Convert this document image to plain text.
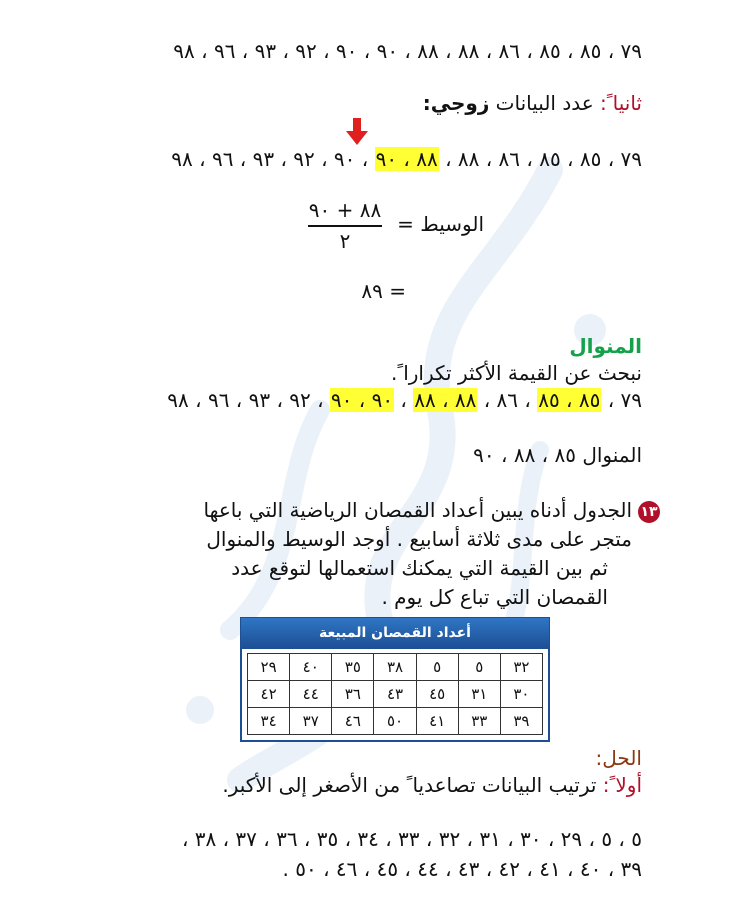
٧٩ ، ٨٥ ، ٨٥ ، ٨٦ ، ٨٨ ، ٨٨ ، ٩٠ ، ٩٠ ، ٩٢ ، ٩٣ ، ٩٦ ، ٩٨
ثانيا ً: عدد البيانات زوجي:
٧٩ ، ٨٥ ، ٨٥ ، ٨٦ ، ٨٨ ، ٨٨ ، ٩٠ ، ٩٠ ، ٩٢ ، ٩٣ ، ٩٦ ، ٩٨
الوسيط =
٨٨ + ٩٠
٢
= ٨٩
المنوال
نبحث عن القيمة الأكثر تكرارا ً.
٧٩ ، ٨٥ ، ٨٥ ، ٨٦ ، ٨٨ ، ٨٨ ، ٩٠ ، ٩٠ ، ٩٢ ، ٩٣ ، ٩٦ ، ٩٨
المنوال ٨٥ ، ٨٨ ، ٩٠
١٣الجدول أدناه يبين أعداد القمصان الرياضية التي باعها
متجر على مدى ثلاثة أسابيع . أوجد الوسيط والمنوال
ثم بين القيمة التي يمكنك استعمالها لتوقع عدد
القمصان التي تباع كل يوم .
أعداد القمصان المبيعة
٣٢	٥	٥	٣٨	٣٥	٤٠	٢٩
٣٠	٣١	٤٥	٤٣	٣٦	٤٤	٤٢
٣٩	٣٣	٤١	٥٠	٤٦	٣٧	٣٤
الحل:
أولا ً: ترتيب البيانات تصاعديا ً من الأصغر إلى الأكبر.
٥ ، ٥ ، ٢٩ ، ٣٠ ، ٣١ ، ٣٢ ، ٣٣ ، ٣٤ ، ٣٥ ، ٣٦ ، ٣٧ ، ٣٨ ،
٣٩ ، ٤٠ ، ٤١ ، ٤٢ ، ٤٣ ، ٤٤ ، ٤٥ ، ٤٦ ، ٥٠ .
